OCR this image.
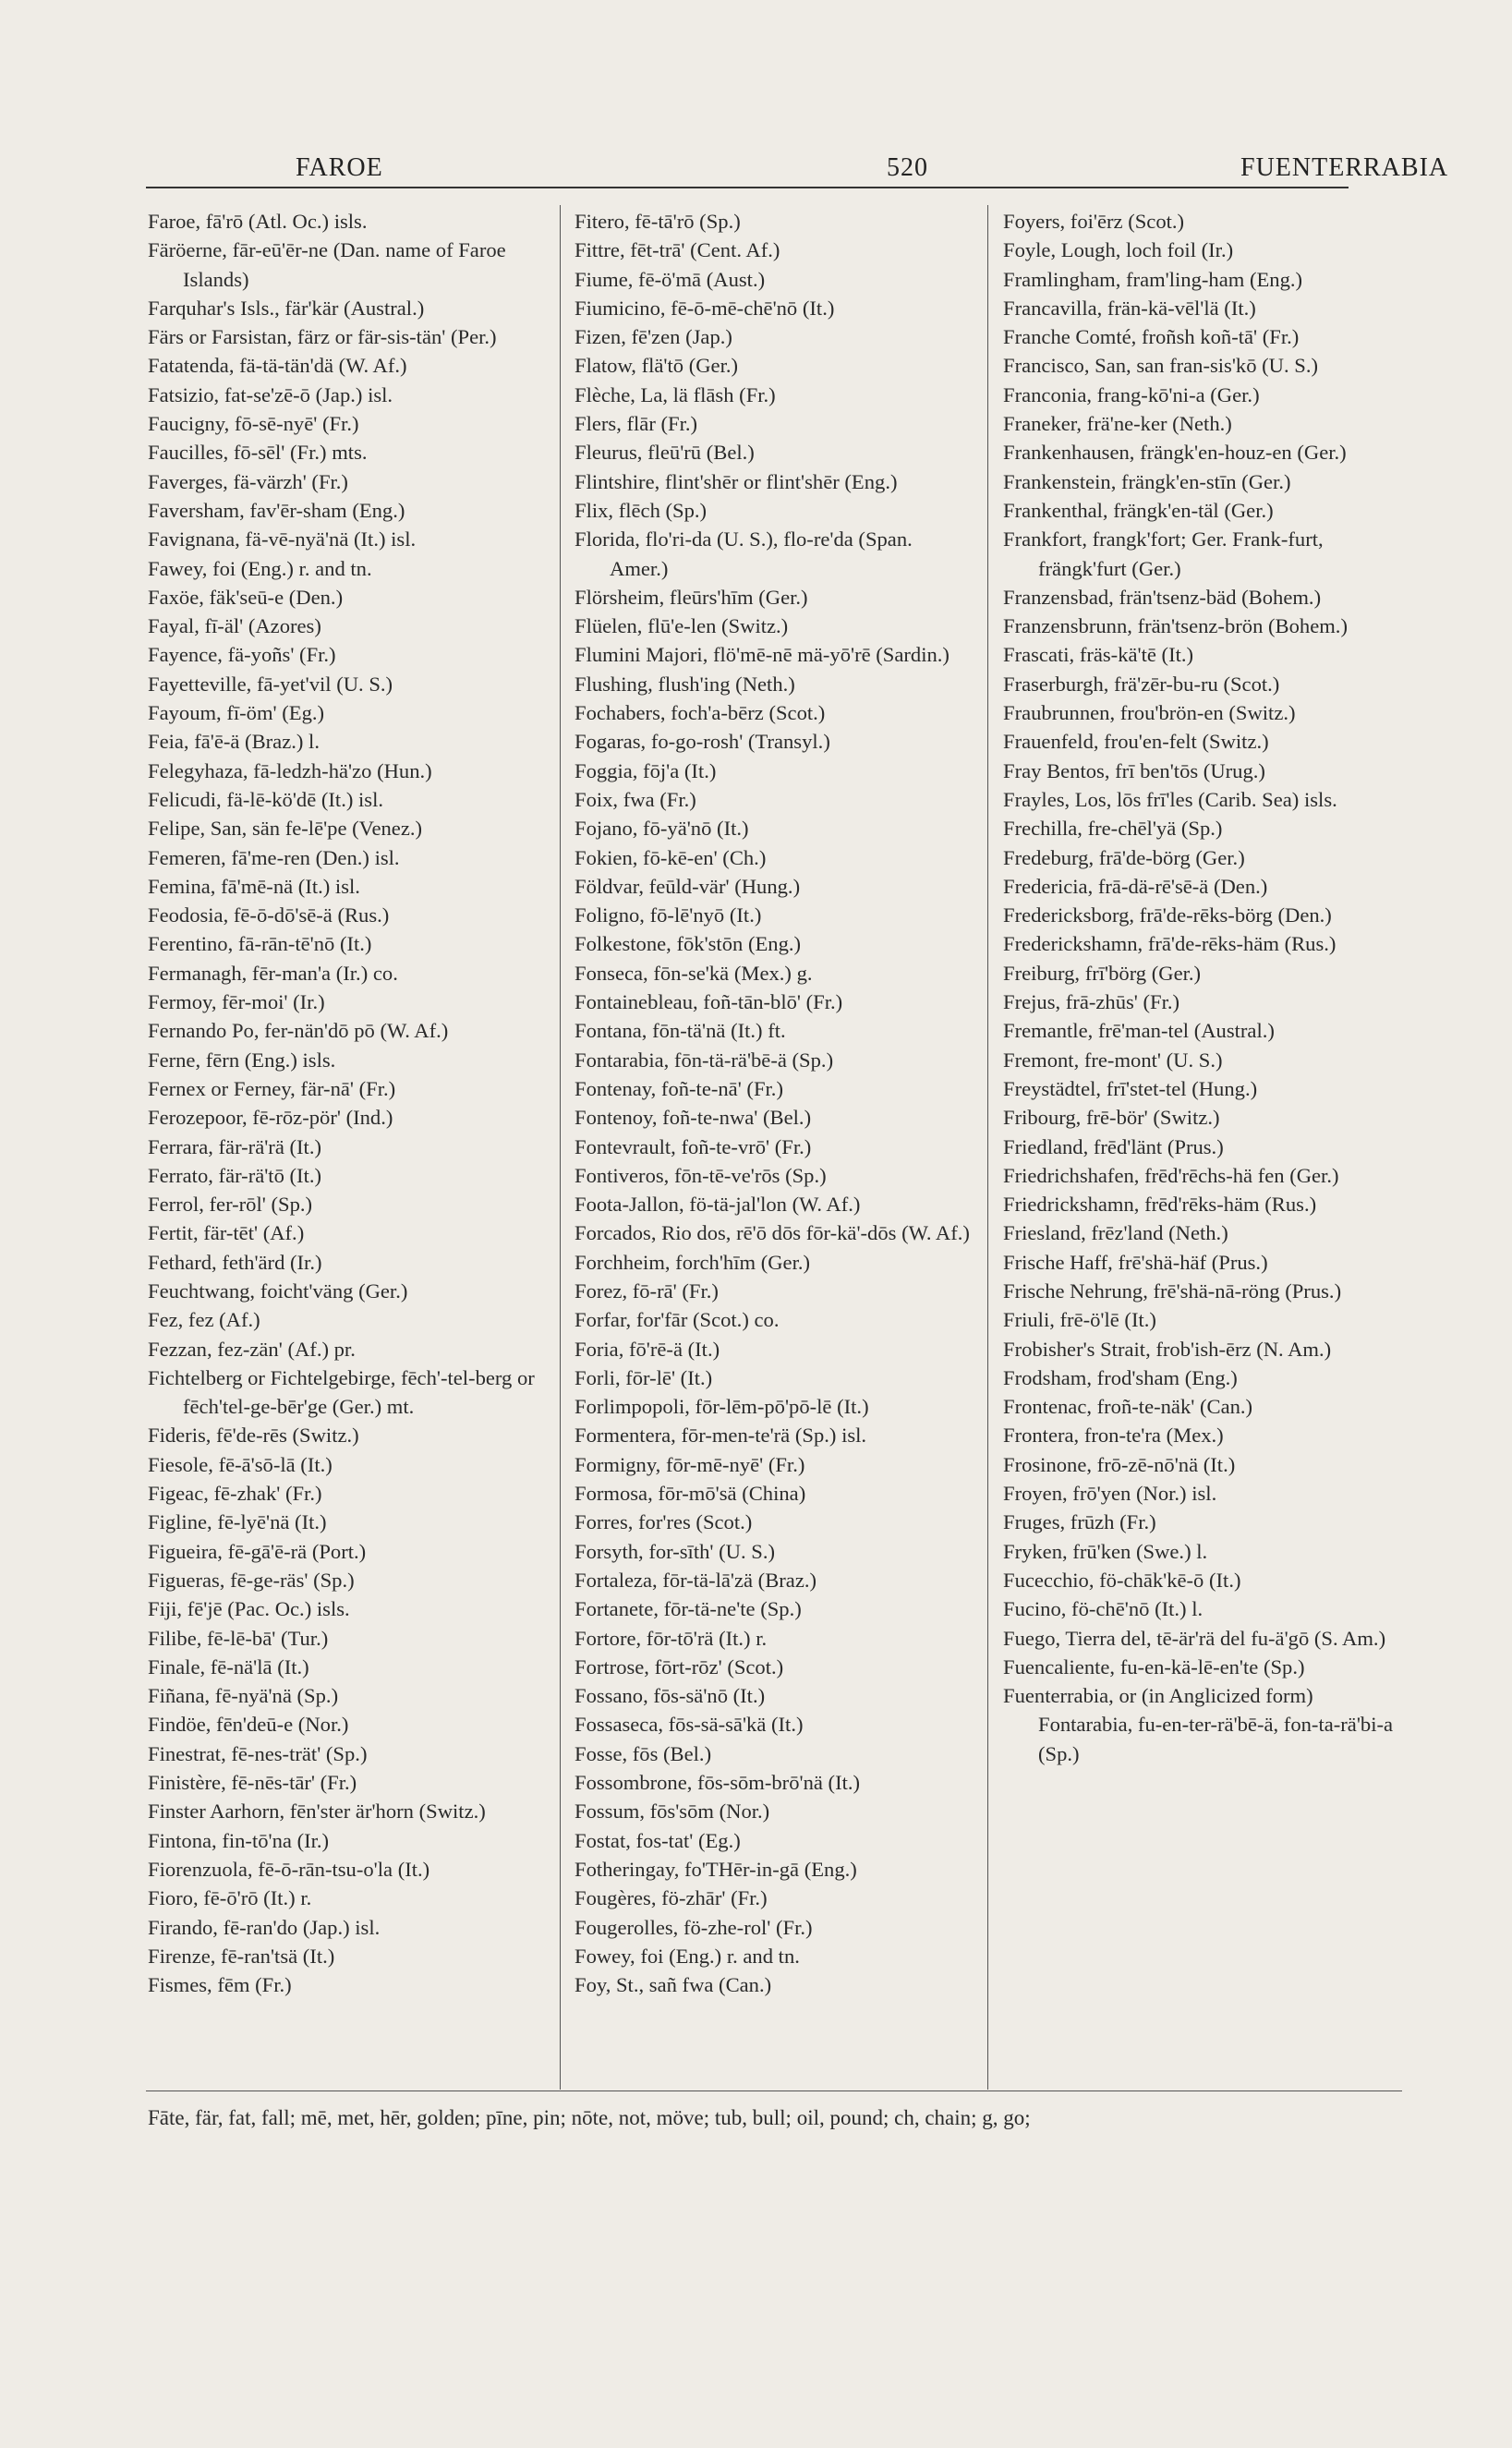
FAROE	520	FUENTERRABIA

Faroe, fā'rō (Atl. Oc.) isls.

Färöerne, fār-eū'ēr-ne (Dan. name of Faroe Islands)

Farquhar's Isls., fär'kär (Austral.)

Färs or Farsistan, färz or fär-sis-tän' (Per.)

Fatatenda, fä-tä-tän'dä (W. Af.)

Fatsizio, fat-se'zē-ō (Jap.) isl.

Faucigny, fō-sē-nyē' (Fr.)

Faucilles, fō-sēl' (Fr.) mts.

Faverges, fä-värzh' (Fr.)

Faversham, fav'ēr-sham (Eng.)

Favignana, fä-vē-nyä'nä (It.) isl.

Fawey, foi (Eng.) r. and tn.

Faxöe, fäk'seū-e (Den.)

Fayal, fī-äl' (Azores)

Fayence, fä-yoñs' (Fr.)

Fayetteville, fā-yet'vil (U. S.)

Fayoum, fī-öm' (Eg.)

Feia, fā'ē-ä (Braz.) l.

Felegyhaza, fā-ledzh-hä'zo (Hun.)

Felicudi, fä-lē-kö'dē (It.) isl.

Felipe, San, sän fe-lē'pe (Venez.)

Femeren, fā'me-ren (Den.) isl.

Femina, fā'mē-nä (It.) isl.

Feodosia, fē-ō-dō'sē-ä (Rus.)

Ferentino, fā-rān-tē'nō (It.)

Fermanagh, fēr-man'a (Ir.) co.

Fermoy, fēr-moi' (Ir.)

Fernando Po, fer-nän'dō pō (W. Af.)

Ferne, fērn (Eng.) isls.

Fernex or Ferney, fär-nā' (Fr.)

Ferozepoor, fē-rōz-pör' (Ind.)

Ferrara, fär-rä'rä (It.)

Ferrato, fär-rä'tō (It.)

Ferrol, fer-rōl' (Sp.)

Fertit, fär-tēt' (Af.)

Fethard, feth'ärd (Ir.)

Feuchtwang, foicht'väng (Ger.)

Fez, fez (Af.)

Fezzan, fez-zän' (Af.) pr.

Fichtelberg or Fichtelgebirge, fēch'-tel-berg or fēch'tel-ge-bēr'ge (Ger.) mt.

Fideris, fē'de-rēs (Switz.)

Fiesole, fē-ā'sō-lā (It.)

Figeac, fē-zhak' (Fr.)

Figline, fē-lyē'nä (It.)

Figueira, fē-gā'ē-rä (Port.)

Figueras, fē-ge-räs' (Sp.)

Fiji, fē'jē (Pac. Oc.) isls.

Filibe, fē-lē-bā' (Tur.)

Finale, fē-nä'lā (It.)

Fiñana, fē-nyä'nä (Sp.)

Findöe, fēn'deū-e (Nor.)

Finestrat, fē-nes-trät' (Sp.)

Finistère, fē-nēs-tār' (Fr.)

Finster Aarhorn, fēn'ster är'horn (Switz.)

Fintona, fin-tō'na (Ir.)

Fiorenzuola, fē-ō-rān-tsu-o'la (It.)

Fioro, fē-ō'rō (It.) r.

Firando, fē-ran'do (Jap.) isl.

Firenze, fē-ran'tsä (It.)

Fismes, fēm (Fr.)

Fitero, fē-tā'rō (Sp.)

Fittre, fēt-trā' (Cent. Af.)

Fiume, fē-ö'mā (Aust.)

Fiumicino, fē-ō-mē-chē'nō (It.)

Fizen, fē'zen (Jap.)

Flatow, flä'tō (Ger.)

Flèche, La, lä flāsh (Fr.)

Flers, flār (Fr.)

Fleurus, fleū'rū (Bel.)

Flintshire, flint'shēr or flint'shēr (Eng.)

Flix, flēch (Sp.)

Florida, flo'ri-da (U. S.), flo-re'da (Span. Amer.)

Flörsheim, fleūrs'hīm (Ger.)

Flüelen, flū'e-len (Switz.)

Flumini Majori, flö'mē-nē mä-yō'rē (Sardin.)

Flushing, flush'ing (Neth.)

Fochabers, foch'a-bērz (Scot.)

Fogaras, fo-go-rosh' (Transyl.)

Foggia, fōj'a (It.)

Foix, fwa (Fr.)

Fojano, fō-yä'nō (It.)

Fokien, fō-kē-en' (Ch.)

Földvar, feūld-vär' (Hung.)

Foligno, fō-lē'nyō (It.)

Folkestone, fōk'stōn (Eng.)

Fonseca, fōn-se'kä (Mex.) g.

Fontainebleau, foñ-tān-blō' (Fr.)

Fontana, fōn-tä'nä (It.) ft.

Fontarabia, fōn-tä-rä'bē-ä (Sp.)

Fontenay, foñ-te-nā' (Fr.)

Fontenoy, foñ-te-nwa' (Bel.)

Fontevrault, foñ-te-vrō' (Fr.)

Fontiveros, fōn-tē-ve'rōs (Sp.)

Foota-Jallon, fö-tä-jal'lon (W. Af.)

Forcados, Rio dos, rē'ō dōs fōr-kä'-dōs (W. Af.)

Forchheim, forch'hīm (Ger.)

Forez, fō-rā' (Fr.)

Forfar, for'fār (Scot.) co.

Foria, fō'rē-ä (It.)

Forli, fōr-lē' (It.)

Forlimpopoli, fōr-lēm-pō'pō-lē (It.)

Formentera, fōr-men-te'rä (Sp.) isl.

Formigny, fōr-mē-nyē' (Fr.)

Formosa, fōr-mō'sä (China)

Forres, for'res (Scot.)

Forsyth, for-sīth' (U. S.)

Fortaleza, fōr-tä-lā'zä (Braz.)

Fortanete, fōr-tä-ne'te (Sp.)

Fortore, fōr-tō'rä (It.) r.

Fortrose, fōrt-rōz' (Scot.)

Fossano, fōs-sä'nō (It.)

Fossaseca, fōs-sä-sā'kä (It.)

Fosse, fōs (Bel.)

Fossombrone, fōs-sōm-brō'nä (It.)

Fossum, fōs'sōm (Nor.)

Fostat, fos-tat' (Eg.)

Fotheringay, fo'THēr-in-gā (Eng.)

Fougères, fö-zhār' (Fr.)

Fougerolles, fö-zhe-rol' (Fr.)

Fowey, foi (Eng.) r. and tn.

Foy, St., sañ fwa (Can.)

Foyers, foi'ērz (Scot.)

Foyle, Lough, loch foil (Ir.)

Framlingham, fram'ling-ham (Eng.)

Francavilla, frän-kä-vēl'lä (It.)

Franche Comté, froñsh koñ-tā' (Fr.)

Francisco, San, san fran-sis'kō (U. S.)

Franconia, frang-kō'ni-a (Ger.)

Franeker, frä'ne-ker (Neth.)

Frankenhausen, frängk'en-houz-en (Ger.)

Frankenstein, frängk'en-stīn (Ger.)

Frankenthal, frängk'en-täl (Ger.)

Frankfort, frangk'fort; Ger. Frank-furt, frängk'furt (Ger.)

Franzensbad, frän'tsenz-bäd (Bohem.)

Franzensbrunn, frän'tsenz-brön (Bohem.)

Frascati, fräs-kä'tē (It.)

Fraserburgh, frä'zēr-bu-ru (Scot.)

Fraubrunnen, frou'brön-en (Switz.)

Frauenfeld, frou'en-felt (Switz.)

Fray Bentos, frī ben'tōs (Urug.)

Frayles, Los, lōs frī'les (Carib. Sea) isls.

Frechilla, fre-chēl'yä (Sp.)

Fredeburg, frā'de-börg (Ger.)

Fredericia, frā-dä-rē'sē-ä (Den.)

Fredericksborg, frā'de-rēks-börg (Den.)

Frederickshamn, frā'de-rēks-häm (Rus.)

Freiburg, frī'börg (Ger.)

Frejus, frā-zhūs' (Fr.)

Fremantle, frē'man-tel (Austral.)

Fremont, fre-mont' (U. S.)

Freystädtel, frī'stet-tel (Hung.)

Fribourg, frē-bör' (Switz.)

Friedland, frēd'länt (Prus.)

Friedrichshafen, frēd'rēchs-hä fen (Ger.)

Friedrickshamn, frēd'rēks-häm (Rus.)

Friesland, frēz'land (Neth.)

Frische Haff, frē'shä-häf (Prus.)

Frische Nehrung, frē'shä-nā-röng (Prus.)

Friuli, frē-ö'lē (It.)

Frobisher's Strait, frob'ish-ērz (N. Am.)

Frodsham, frod'sham (Eng.)

Frontenac, froñ-te-näk' (Can.)

Frontera, fron-te'ra (Mex.)

Frosinone, frō-zē-nō'nä (It.)

Froyen, frō'yen (Nor.) isl.

Fruges, frūzh (Fr.)

Fryken, frū'ken (Swe.) l.

Fucecchio, fö-chāk'kē-ō (It.)

Fucino, fö-chē'nō (It.) l.

Fuego, Tierra del, tē-är'rä del fu-ä'gō (S. Am.)

Fuencaliente, fu-en-kä-lē-en'te (Sp.)

Fuenterrabia, or (in Anglicized form) Fontarabia, fu-en-ter-rä'bē-ä, fon-ta-rä'bi-a (Sp.)

Fāte, fär, fat, fall; mē, met, hēr, golden; pīne, pin; nōte, not, möve; tub, bull; oil, pound; ch, chain; g, go;
